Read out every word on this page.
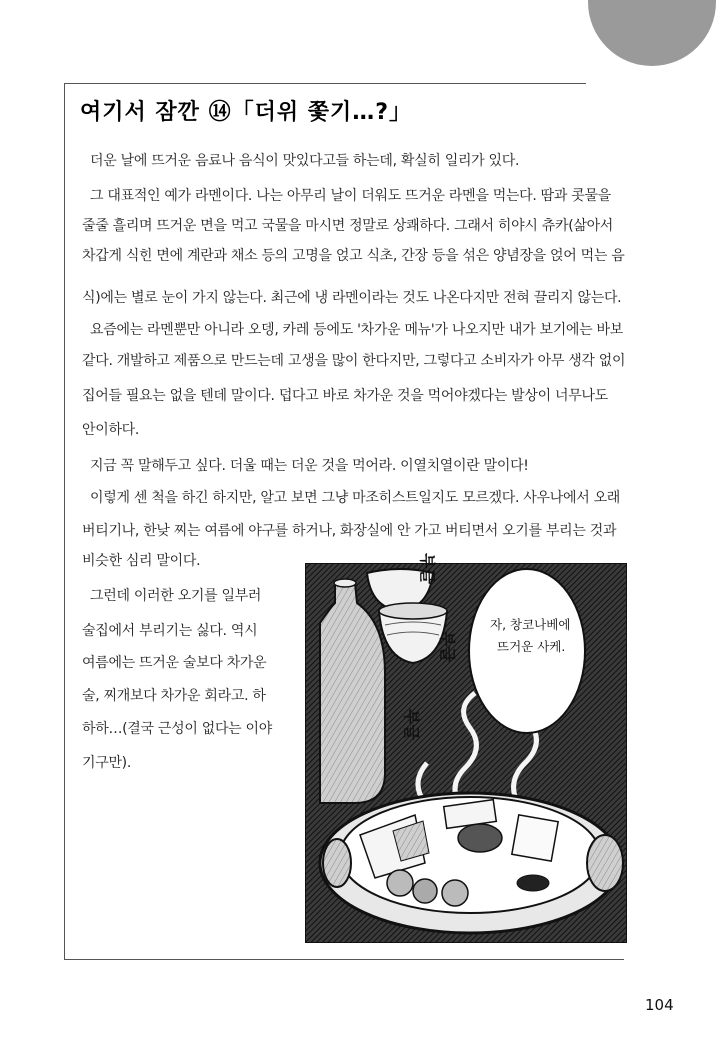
여기서 잠깐 ⑭「더위 쫓기…?」
더운 날에 뜨거운 음료나 음식이 맛있다고들 하는데, 확실히 일리가 있다.
그 대표적인 예가 라멘이다. 나는 아무리 날이 더워도 뜨거운 라멘을 먹는다. 땀과 콧물을
줄줄 흘리며 뜨거운 면을 먹고 국물을 마시면 정말로 상쾌하다. 그래서 히야시 츄카(삶아서
차갑게 식힌 면에 계란과 채소 등의 고명을 얹고 식초, 간장 등을 섞은 양념장을 얹어 먹는 음
식)에는 별로 눈이 가지 않는다. 최근에 냉 라멘이라는 것도 나온다지만 전혀 끌리지 않는다.
요즘에는 라멘뿐만 아니라 오뎅, 카레 등에도 '차가운 메뉴'가 나오지만 내가 보기에는 바보
같다. 개발하고 제품으로 만드는데 고생을 많이 한다지만, 그렇다고 소비자가 아무 생각 없이
집어들 필요는 없을 텐데 말이다. 덥다고 바로 차가운 것을 먹어야겠다는 발상이 너무나도
안이하다.
지금 꼭 말해두고 싶다. 더울 때는 더운 것을 먹어라. 이열치열이란 말이다!
이렇게 센 척을 하긴 하지만, 알고 보면 그냥 마조히스트일지도 모르겠다. 사우나에서 오래
버티기나, 한낮 찌는 여름에 야구를 하거나, 화장실에 안 가고 버티면서 오기를 부리는 것과
비슷한 심리 말이다.
그런데 이러한 오기를 일부러
술집에서 부리기는 싫다. 역시
여름에는 뜨거운 술보다 차가운
술, 찌개보다 차가운 회라고. 하
하하…(결국 근성이 없다는 이야
기구만).
자, 창코나베에
뜨거운 사케.
부글
부글
부글
104
